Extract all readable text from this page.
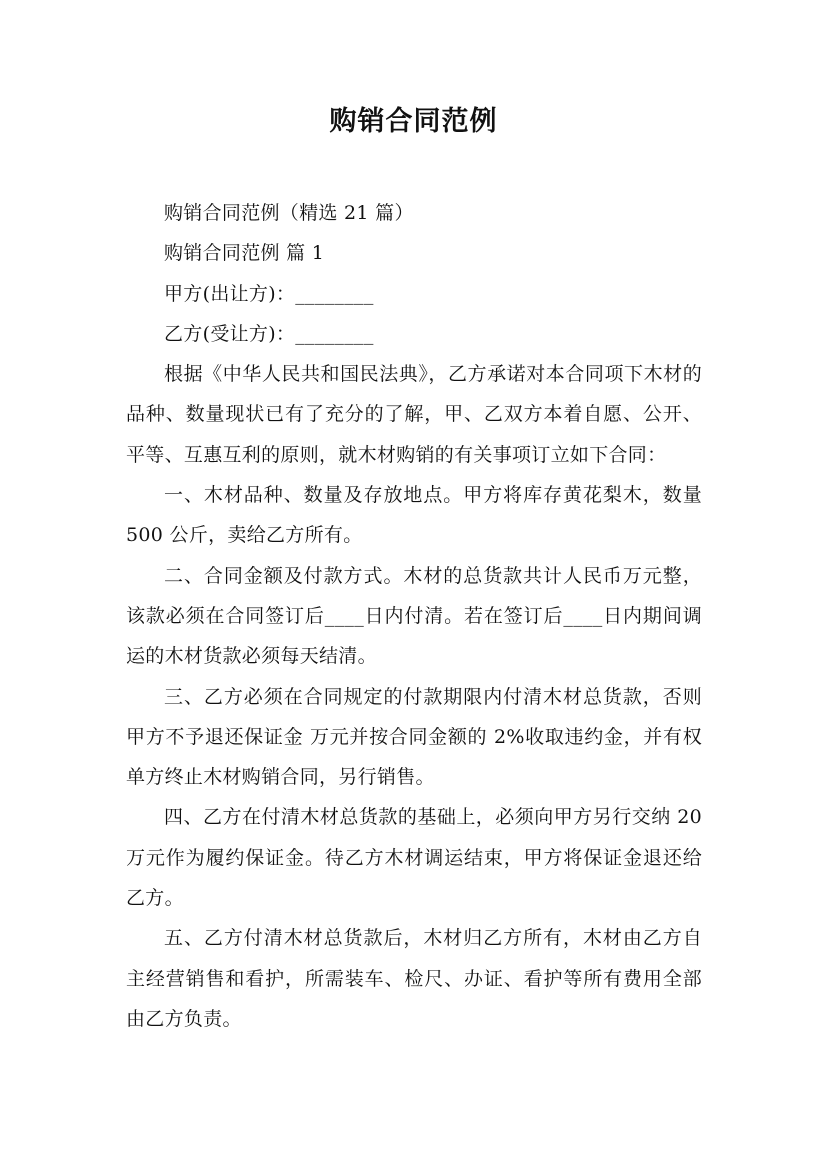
购销合同范例

购销合同范例（精选 21 篇）

购销合同范例 篇 1

甲方(出让方)：________

乙方(受让方)：________

根据《中华人民共和国民法典》，乙方承诺对本合同项下木材的品种、数量现状已有了充分的了解，甲、乙双方本着自愿、公开、平等、互惠互利的原则，就木材购销的有关事项订立如下合同：

一、木材品种、数量及存放地点。甲方将库存黄花梨木，数量 500 公斤，卖给乙方所有。

二、合同金额及付款方式。木材的总货款共计人民币万元整，该款必须在合同签订后____日内付清。若在签订后____日内期间调运的木材货款必须每天结清。

三、乙方必须在合同规定的付款期限内付清木材总货款，否则甲方不予退还保证金 万元并按合同金额的 2%收取违约金，并有权单方终止木材购销合同，另行销售。

四、乙方在付清木材总货款的基础上，必须向甲方另行交纳 20 万元作为履约保证金。待乙方木材调运结束，甲方将保证金退还给乙方。

五、乙方付清木材总货款后，木材归乙方所有，木材由乙方自主经营销售和看护，所需装车、检尺、办证、看护等所有费用全部由乙方负责。
